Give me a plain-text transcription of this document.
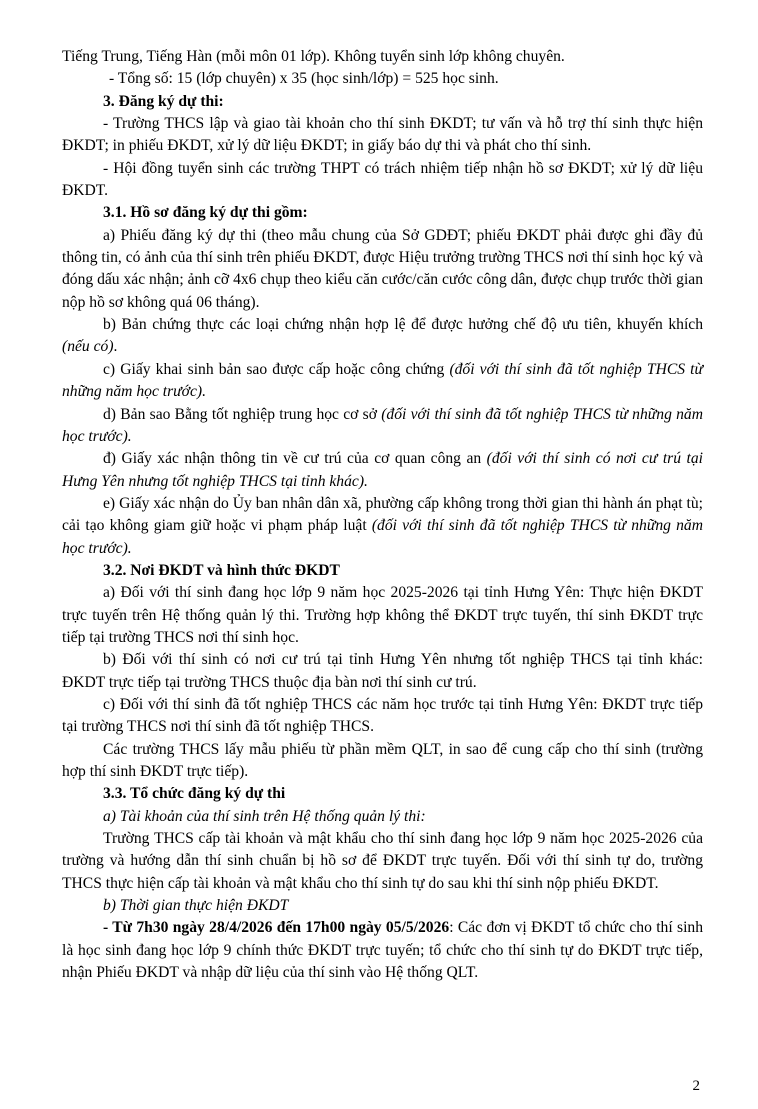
Tiếng Trung, Tiếng Hàn (mỗi môn 01 lớp). Không tuyển sinh lớp không chuyên.

- Tổng số: 15 (lớp chuyên) x 35 (học sinh/lớp) = 525 học sinh.

3. Đăng ký dự thi:

- Trường THCS lập và giao tài khoản cho thí sinh ĐKDT; tư vấn và hỗ trợ thí sinh thực hiện ĐKDT; in phiếu ĐKDT, xử lý dữ liệu ĐKDT; in giấy báo dự thi và phát cho thí sinh.

- Hội đồng tuyển sinh các trường THPT có trách nhiệm tiếp nhận hồ sơ ĐKDT; xử lý dữ liệu ĐKDT.

3.1. Hồ sơ đăng ký dự thi gồm:

a) Phiếu đăng ký dự thi (theo mẫu chung của Sở GDĐT; phiếu ĐKDT phải được ghi đầy đủ thông tin, có ảnh của thí sinh trên phiếu ĐKDT, được Hiệu trưởng trường THCS nơi thí sinh học ký và đóng dấu xác nhận; ảnh cỡ 4x6 chụp theo kiểu căn cước/căn cước công dân, được chụp trước thời gian nộp hồ sơ không quá 06 tháng).

b) Bản chứng thực các loại chứng nhận hợp lệ để được hưởng chế độ ưu tiên, khuyến khích (nếu có).

c) Giấy khai sinh bản sao được cấp hoặc công chứng (đối với thí sinh đã tốt nghiệp THCS từ những năm học trước).

d) Bản sao Bằng tốt nghiệp trung học cơ sở (đối với thí sinh đã tốt nghiệp THCS từ những năm học trước).

đ) Giấy xác nhận thông tin về cư trú của cơ quan công an (đối với thí sinh có nơi cư trú tại Hưng Yên nhưng tốt nghiệp THCS tại tỉnh khác).

e) Giấy xác nhận do Ủy ban nhân dân xã, phường cấp không trong thời gian thi hành án phạt tù; cải tạo không giam giữ hoặc vi phạm pháp luật (đối với thí sinh đã tốt nghiệp THCS từ những năm học trước).

3.2. Nơi ĐKDT và hình thức ĐKDT

a) Đối với thí sinh đang học lớp 9 năm học 2025-2026 tại tỉnh Hưng Yên: Thực hiện ĐKDT trực tuyến trên Hệ thống quản lý thi. Trường hợp không thể ĐKDT trực tuyến, thí sinh ĐKDT trực tiếp tại trường THCS nơi thí sinh học.

b) Đối với thí sinh có nơi cư trú tại tỉnh Hưng Yên nhưng tốt nghiệp THCS tại tỉnh khác: ĐKDT trực tiếp tại trường THCS thuộc địa bàn nơi thí sinh cư trú.

c) Đối với thí sinh đã tốt nghiệp THCS các năm học trước tại tỉnh Hưng Yên: ĐKDT trực tiếp tại trường THCS nơi thí sinh đã tốt nghiệp THCS.

Các trường THCS lấy mẫu phiếu từ phần mềm QLT, in sao để cung cấp cho thí sinh (trường hợp thí sinh ĐKDT trực tiếp).

3.3. Tổ chức đăng ký dự thi

a) Tài khoản của thí sinh trên Hệ thống quản lý thi:

Trường THCS cấp tài khoản và mật khẩu cho thí sinh đang học lớp 9 năm học 2025-2026 của trường và hướng dẫn thí sinh chuẩn bị hồ sơ để ĐKDT trực tuyến. Đối với thí sinh tự do, trường THCS thực hiện cấp tài khoản và mật khẩu cho thí sinh tự do sau khi thí sinh nộp phiếu ĐKDT.

b) Thời gian thực hiện ĐKDT

- Từ 7h30 ngày 28/4/2026 đến 17h00 ngày 05/5/2026: Các đơn vị ĐKDT tổ chức cho thí sinh là học sinh đang học lớp 9 chính thức ĐKDT trực tuyến; tổ chức cho thí sinh tự do ĐKDT trực tiếp, nhận Phiếu ĐKDT và nhập dữ liệu của thí sinh vào Hệ thống QLT.

2
